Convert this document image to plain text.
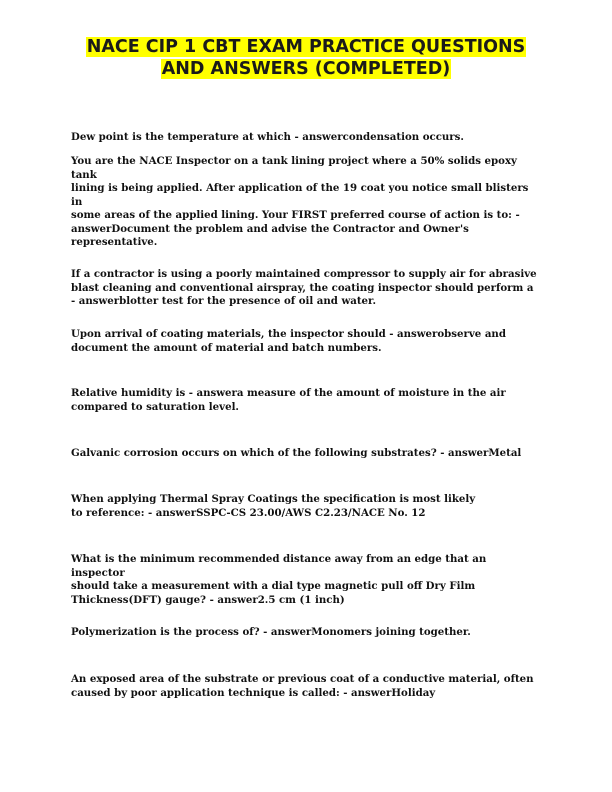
NACE CIP 1 CBT EXAM PRACTICE QUESTIONS
AND ANSWERS (COMPLETED)
Dew point is the temperature at which - answercondensation occurs.
You are the NACE Inspector on a tank lining project where a 50% solids epoxy tank
lining is being applied. After application of the 19 coat you notice small blisters in
some areas of the applied lining. Your FIRST preferred course of action is to: -
answerDocument the problem and advise the Contractor and Owner's
representative.
If a contractor is using a poorly maintained compressor to supply air for abrasive
blast cleaning and conventional airspray, the coating inspector should perform a
- answerblotter test for the presence of oil and water.
Upon arrival of coating materials, the inspector should - answerobserve and
document the amount of material and batch numbers.
Relative humidity is - answera measure of the amount of moisture in the air
compared to saturation level.
Galvanic corrosion occurs on which of the following substrates? - answerMetal
When applying Thermal Spray Coatings the specification is most likely
to reference: - answerSSPC-CS 23.00/AWS C2.23/NACE No. 12
What is the minimum recommended distance away from an edge that an inspector
should take a measurement with a dial type magnetic pull off Dry Film
Thickness(DFT) gauge? - answer2.5 cm (1 inch)
Polymerization is the process of? - answerMonomers joining together.
An exposed area of the substrate or previous coat of a conductive material, often
caused by poor application technique is called: - answerHoliday
